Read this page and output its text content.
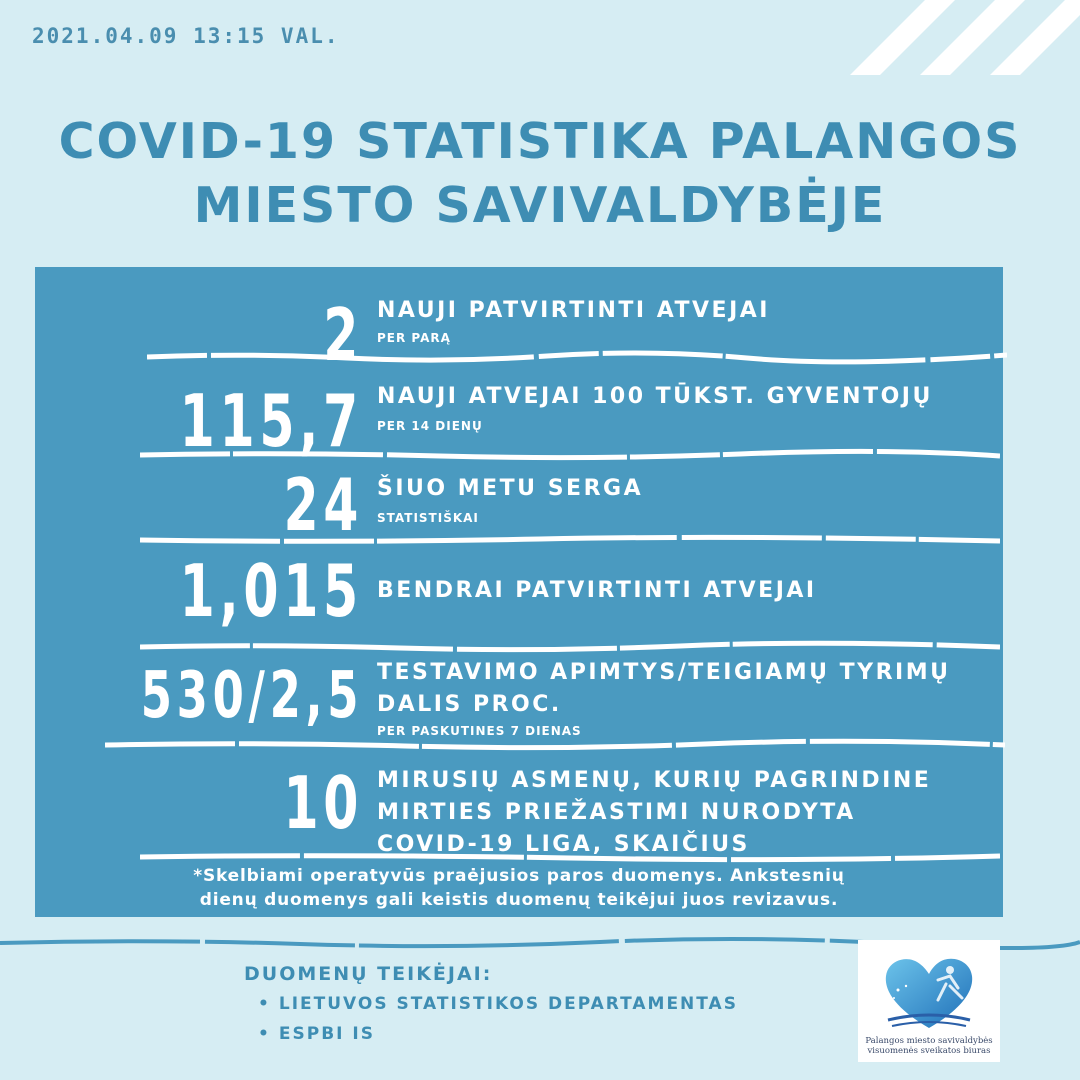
2021.04.09 13:15 VAL.
COVID-19 STATISTIKA PALANGOS
MIESTO SAVIVALDYBĖJE
2 NAUJI PATVIRTINTI ATVEJAI
PER PARĄ
115,7 NAUJI ATVEJAI 100 TŪKST. GYVENTOJŲ
PER 14 DIENŲ
24 ŠIUO METU SERGA
STATISTIŠKAI
1,015 BENDRAI PATVIRTINTI ATVEJAI
530/2,5 TESTAVIMO APIMTYS/TEIGIAMŲ TYRIMŲ
DALIS PROC.
PER PASKUTINES 7 DIENAS
10 MIRUSIŲ ASMENŲ, KURIŲ PAGRINDINE
MIRTIES PRIEŽASTIMI NURODYTA
COVID-19 LIGA, SKAIČIUS
*Skelbiami operatyvūs praėjusios paros duomenys. Ankstesnių
dienų duomenys gali keistis duomenų teikėjui juos revizavus.
DUOMENŲ TEIKĖJAI:
• LIETUVOS STATISTIKOS DEPARTAMENTAS
• ESPBI IS	Palangos miesto savivaldybės
visuomenės sveikatos biuras
